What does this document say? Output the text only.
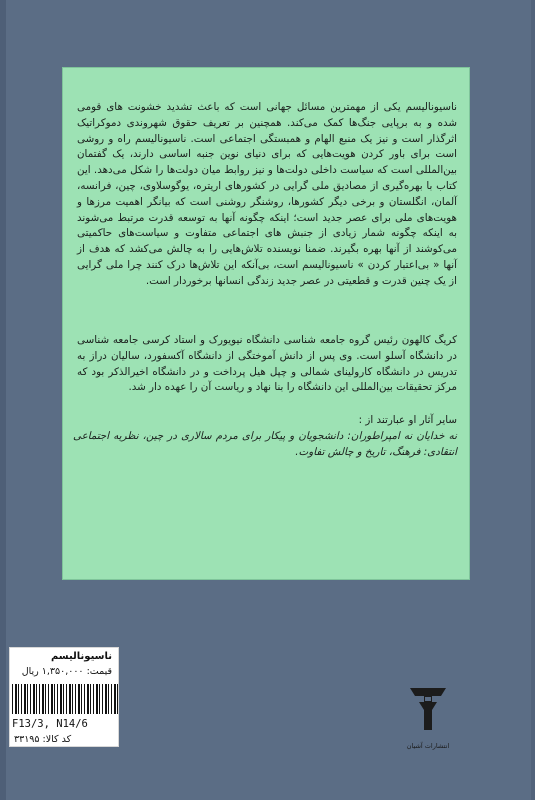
ناسیونالیسم یکی از مهمترین مسائل جهانی است که باعث تشدید خشونت های قومی شده و به برپایی جنگ‌ها کمک می‌کند. همچنین بر تعریف حقوق شهروندی دموکراتیک اثرگذار است و نیز یک منبع الهام و همبستگی اجتماعی است. ناسیونالیسم راه و روشی است برای باور کردن هویت‌هایی که برای دنیای نوین جنبه اساسی دارند، یک گفتمان بین‌المللی است که سیاست داخلی دولت‌ها و نیز روابط میان دولت‌ها را شکل می‌دهد. این کتاب با بهره‌گیری از مصادیق ملی گرایی در کشورهای اریتره، یوگوسلاوی، چین، فرانسه، آلمان، انگلستان و برخی دیگر کشورها، روشنگر روشنی است که بیانگر اهمیت مرزها و هویت‌های ملی برای عصر جدید است؛ اینکه چگونه آنها به توسعه قدرت مرتبط می‌شوند به اینکه چگونه شمار زیادی از جنبش های اجتماعی متفاوت و سیاست‌های حاکمیتی می‌کوشند از آنها بهره بگیرند. ضمنا نویسنده تلاش‌هایی را به چالش می‌کشد که هدف از آنها « بی‌اعتبار کردن » ناسیونالیسم است، بی‌آنکه این تلاش‌ها درک کنند چرا ملی گرایی از یک چنین قدرت و قطعیتی در عصر جدید زندگی انسانها برخوردار است.

کریگ کالهون رئیس گروه جامعه شناسی دانشگاه نیویورک و استاد کرسی جامعه شناسی در دانشگاه آسلو است. وی پس از دانش آموختگی از دانشگاه آکسفورد، سالیان دراز به تدریس در دانشگاه کارولینای شمالی و چپل هیل پرداخت و در دانشگاه اخیرالذکر بود که مرکز تحقیقات بین‌المللی این دانشگاه را بنا نهاد و ریاست آن را عهده دار شد.

سایر آثار او عبارتند از :
نه خدایان نه امپراطوران: دانشجویان و پیکار برای مردم سالاری در چین، نظریه اجتماعی انتقادی: فرهنگ، تاریخ و چالش تفاوت.
ناسیونالیسم
قیمت: ۱,۳۵۰,۰۰۰ ریال
F13/3, N14/6
کد کالا: ۳۳۱۹۵
انتشارات آشیان
